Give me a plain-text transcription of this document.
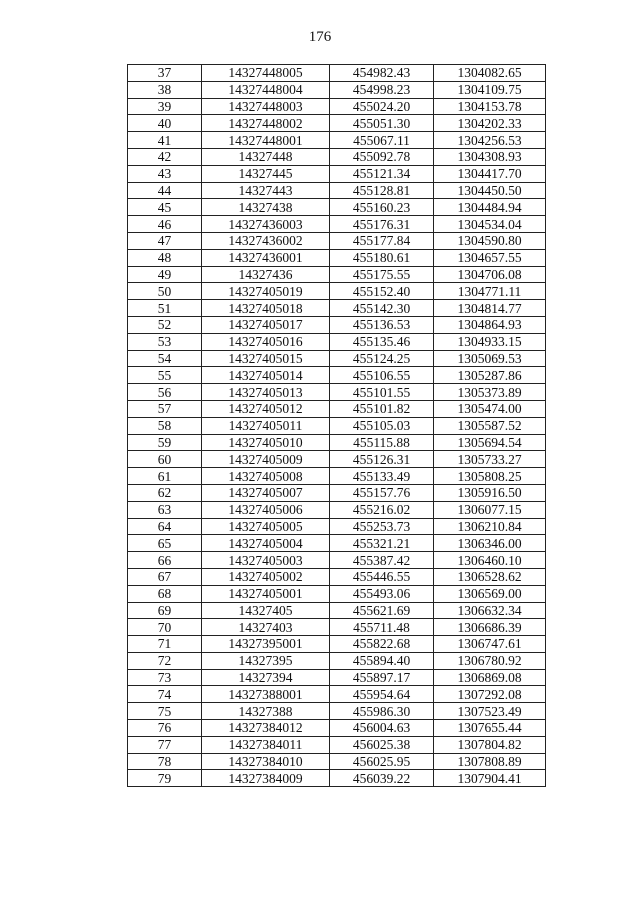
176
37	14327448005	454982.43	1304082.65
38	14327448004	454998.23	1304109.75
39	14327448003	455024.20	1304153.78
40	14327448002	455051.30	1304202.33
41	14327448001	455067.11	1304256.53
42	14327448	455092.78	1304308.93
43	14327445	455121.34	1304417.70
44	14327443	455128.81	1304450.50
45	14327438	455160.23	1304484.94
46	14327436003	455176.31	1304534.04
47	14327436002	455177.84	1304590.80
48	14327436001	455180.61	1304657.55
49	14327436	455175.55	1304706.08
50	14327405019	455152.40	1304771.11
51	14327405018	455142.30	1304814.77
52	14327405017	455136.53	1304864.93
53	14327405016	455135.46	1304933.15
54	14327405015	455124.25	1305069.53
55	14327405014	455106.55	1305287.86
56	14327405013	455101.55	1305373.89
57	14327405012	455101.82	1305474.00
58	14327405011	455105.03	1305587.52
59	14327405010	455115.88	1305694.54
60	14327405009	455126.31	1305733.27
61	14327405008	455133.49	1305808.25
62	14327405007	455157.76	1305916.50
63	14327405006	455216.02	1306077.15
64	14327405005	455253.73	1306210.84
65	14327405004	455321.21	1306346.00
66	14327405003	455387.42	1306460.10
67	14327405002	455446.55	1306528.62
68	14327405001	455493.06	1306569.00
69	14327405	455621.69	1306632.34
70	14327403	455711.48	1306686.39
71	14327395001	455822.68	1306747.61
72	14327395	455894.40	1306780.92
73	14327394	455897.17	1306869.08
74	14327388001	455954.64	1307292.08
75	14327388	455986.30	1307523.49
76	14327384012	456004.63	1307655.44
77	14327384011	456025.38	1307804.82
78	14327384010	456025.95	1307808.89
79	14327384009	456039.22	1307904.41
